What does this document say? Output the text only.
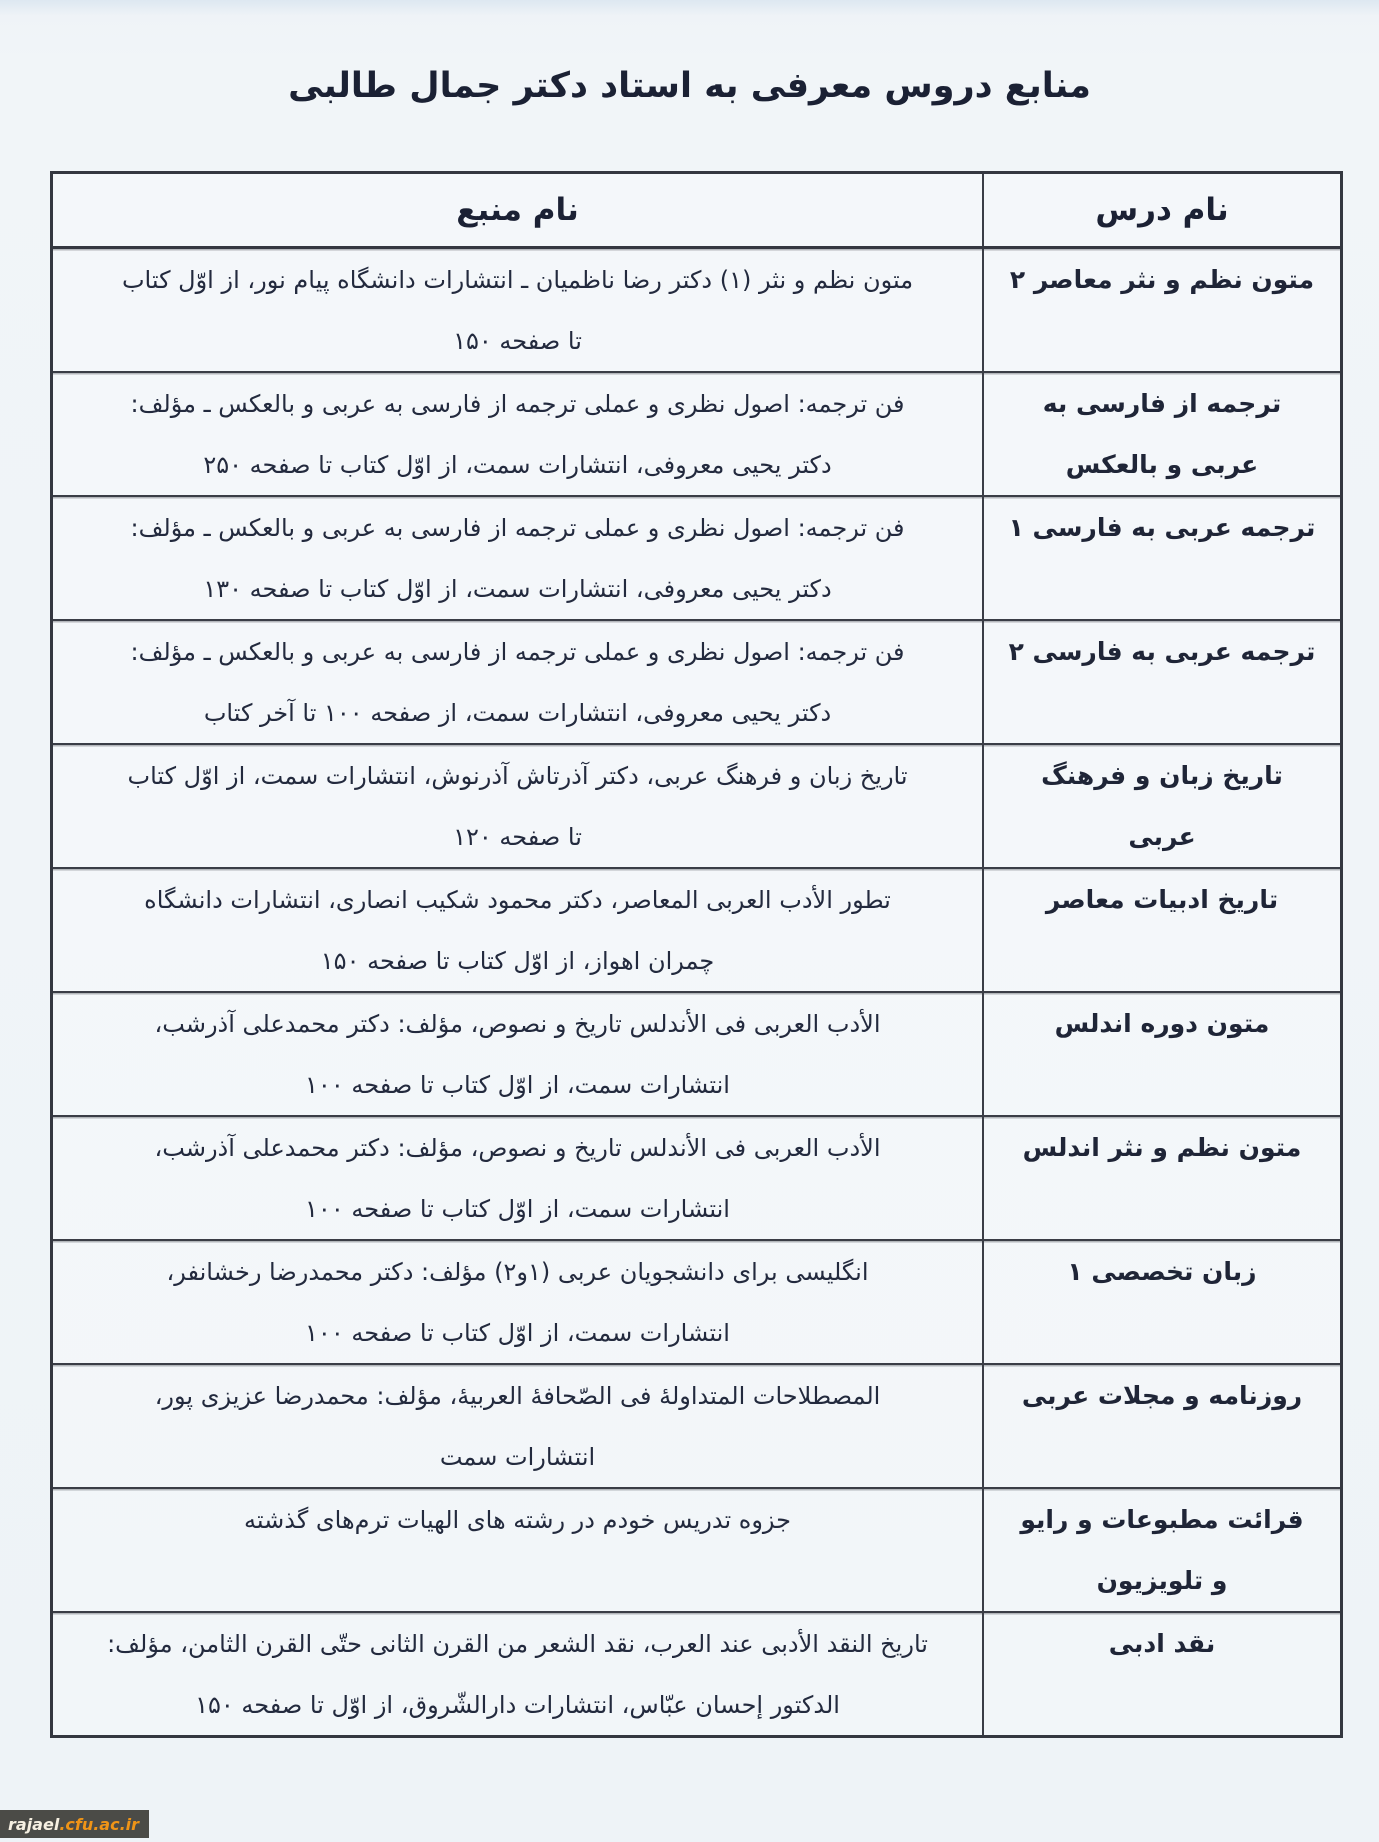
منابع دروس معرفی به استاد دکتر جمال طالبی
نام درس
نام منبع
متون نظم و نثر معاصر ۲
متون نظم و نثر (۱) دکتر رضا ناظمیان ـ انتشارات دانشگاه پیام نور، از اوّل کتاب
تا صفحه ۱۵۰
ترجمه از فارسی به
عربی و بالعکس
فن ترجمه: اصول نظری و عملی ترجمه از فارسی به عربی و بالعکس ـ مؤلف:
دکتر یحیی معروفی، انتشارات سمت، از اوّل کتاب تا صفحه ۲۵۰
ترجمه عربی به فارسی ۱
فن ترجمه: اصول نظری و عملی ترجمه از فارسی به عربی و بالعکس ـ مؤلف:
دکتر یحیی معروفی، انتشارات سمت، از اوّل کتاب تا صفحه ۱۳۰
ترجمه عربی به فارسی ۲
فن ترجمه: اصول نظری و عملی ترجمه از فارسی به عربی و بالعکس ـ مؤلف:
دکتر یحیی معروفی، انتشارات سمت، از صفحه ۱۰۰ تا آخر کتاب
تاریخ زبان و فرهنگ
عربی
تاریخ زبان و فرهنگ عربی، دکتر آذرتاش آذرنوش، انتشارات سمت، از اوّل کتاب
تا صفحه ۱۲۰
تاریخ ادبیات معاصر
تطور الأدب العربی المعاصر، دکتر محمود شکیب انصاری، انتشارات دانشگاه
چمران اهواز، از اوّل کتاب تا صفحه ۱۵۰
متون دوره اندلس
الأدب العربی فی الأندلس تاریخ و نصوص، مؤلف: دکتر محمدعلی آذرشب،
انتشارات سمت، از اوّل کتاب تا صفحه ۱۰۰
متون نظم و نثر اندلس
الأدب العربی فی الأندلس تاریخ و نصوص، مؤلف: دکتر محمدعلی آذرشب،
انتشارات سمت، از اوّل کتاب تا صفحه ۱۰۰
زبان تخصصی ۱
انگلیسی برای دانشجویان عربی (۱و۲) مؤلف: دکتر محمدرضا رخشانفر،
انتشارات سمت، از اوّل کتاب تا صفحه ۱۰۰
روزنامه و مجلات عربی
المصطلاحات المتداولهٔ فی الصّحافهٔ العربیهٔ، مؤلف: محمدرضا عزیزی پور،
انتشارات سمت
قرائت مطبوعات و رایو
و تلویزیون
جزوه تدریس خودم در رشته های الهیات ترم‌های گذشته
نقد ادبی
تاریخ النقد الأدبی عند العرب، نقد الشعر من القرن الثانی حتّی القرن الثامن، مؤلف:
الدکتور إحسان عبّاس، انتشارات دارالشّروق، از اوّل تا صفحه ۱۵۰
rajael .cfu.ac.ir
